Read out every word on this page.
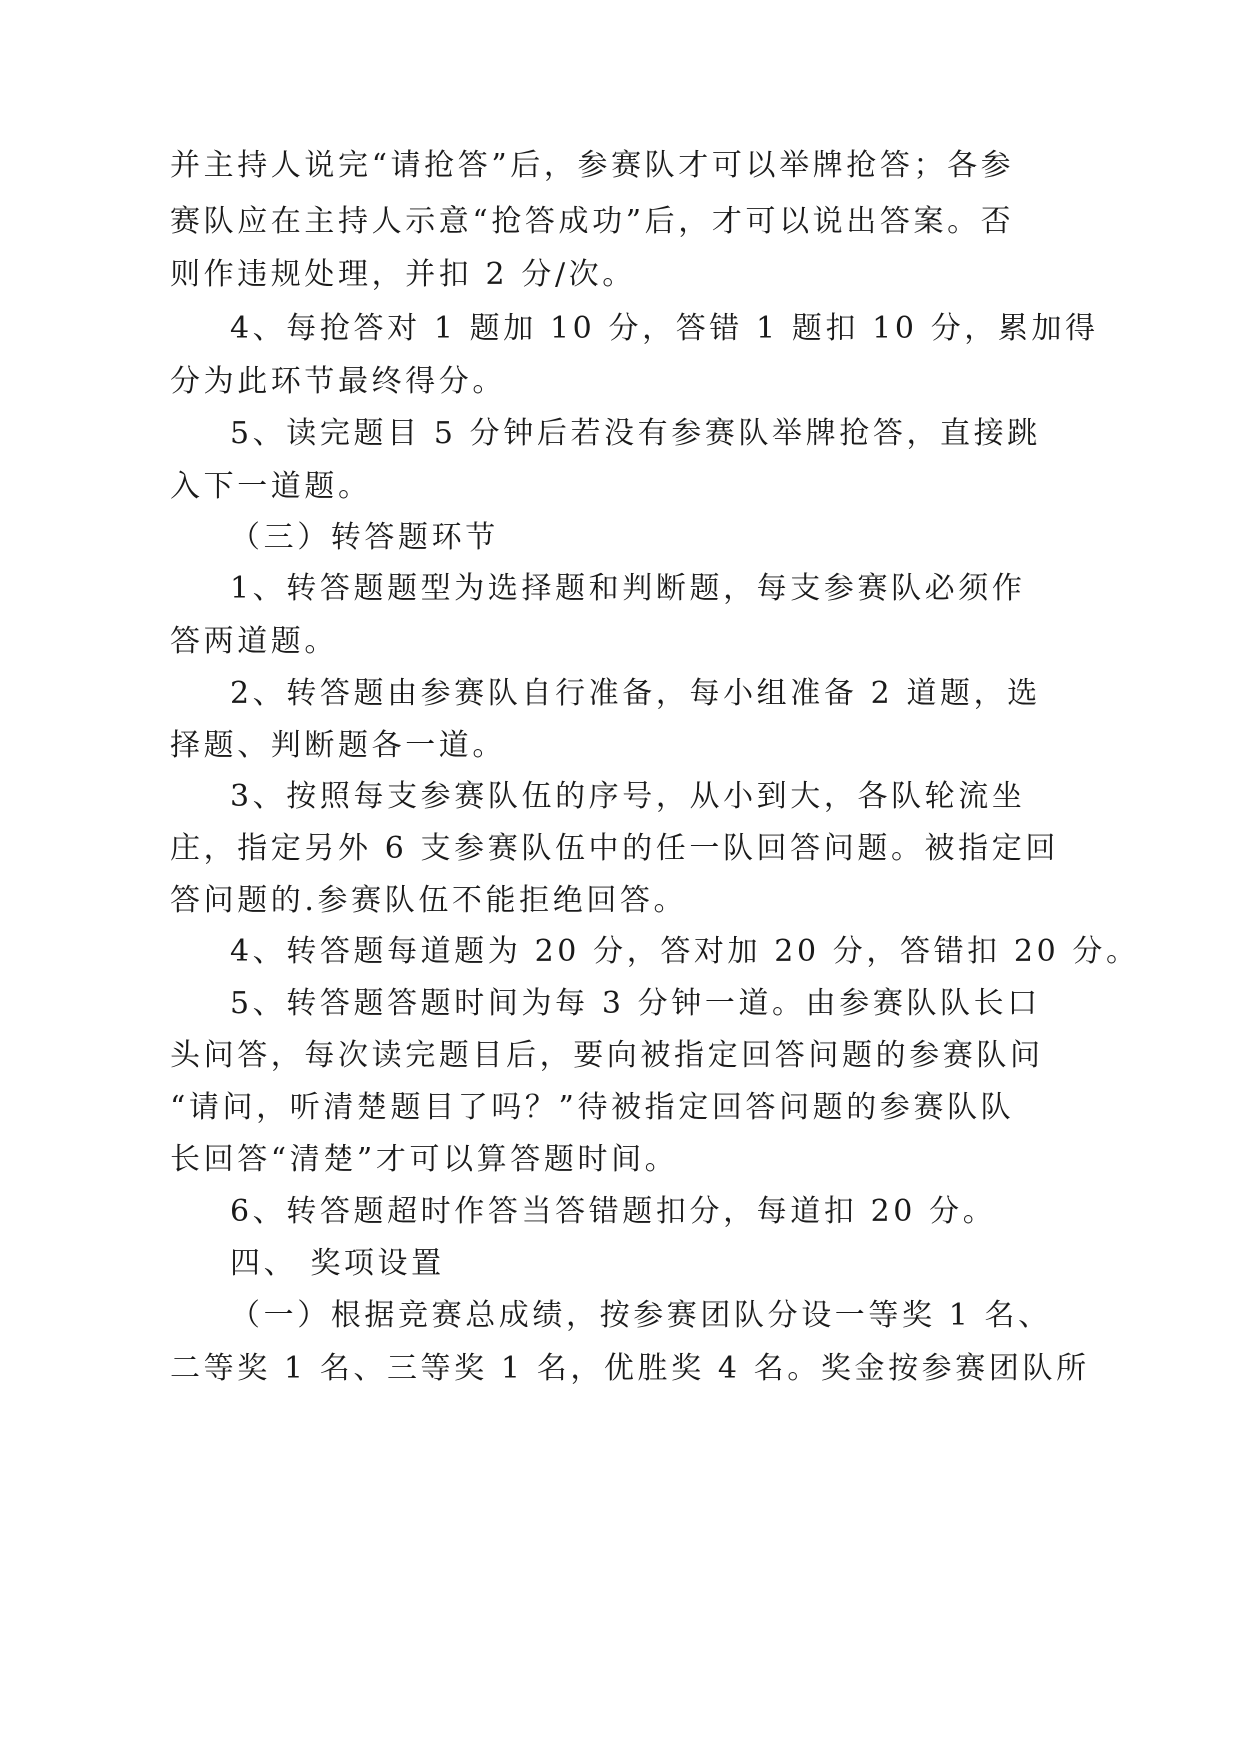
并主持人说完“请抢答”后，参赛队才可以举牌抢答；各参
赛队应在主持人示意“抢答成功”后，才可以说出答案。否
则作违规处理，并扣 2 分/次。
4、每抢答对 1 题加 10 分，答错 1 题扣 10 分，累加得
分为此环节最终得分。
5、读完题目 5 分钟后若没有参赛队举牌抢答，直接跳
入下一道题。
（三）转答题环节
1、转答题题型为选择题和判断题，每支参赛队必须作
答两道题。
2、转答题由参赛队自行准备，每小组准备 2 道题，选
择题、判断题各一道。
3、按照每支参赛队伍的序号，从小到大，各队轮流坐
庄，指定另外 6 支参赛队伍中的任一队回答问题。被指定回
答问题的.参赛队伍不能拒绝回答。
4、转答题每道题为 20 分，答对加 20 分，答错扣 20 分。
5、转答题答题时间为每 3 分钟一道。由参赛队队长口
头问答，每次读完题目后，要向被指定回答问题的参赛队问
“请问，听清楚题目了吗？”待被指定回答问题的参赛队队
长回答“清楚”才可以算答题时间。
6、转答题超时作答当答错题扣分，每道扣 20 分。
四、 奖项设置
（一）根据竞赛总成绩，按参赛团队分设一等奖 1 名、
二等奖 1 名、三等奖 1 名，优胜奖 4 名。奖金按参赛团队所
